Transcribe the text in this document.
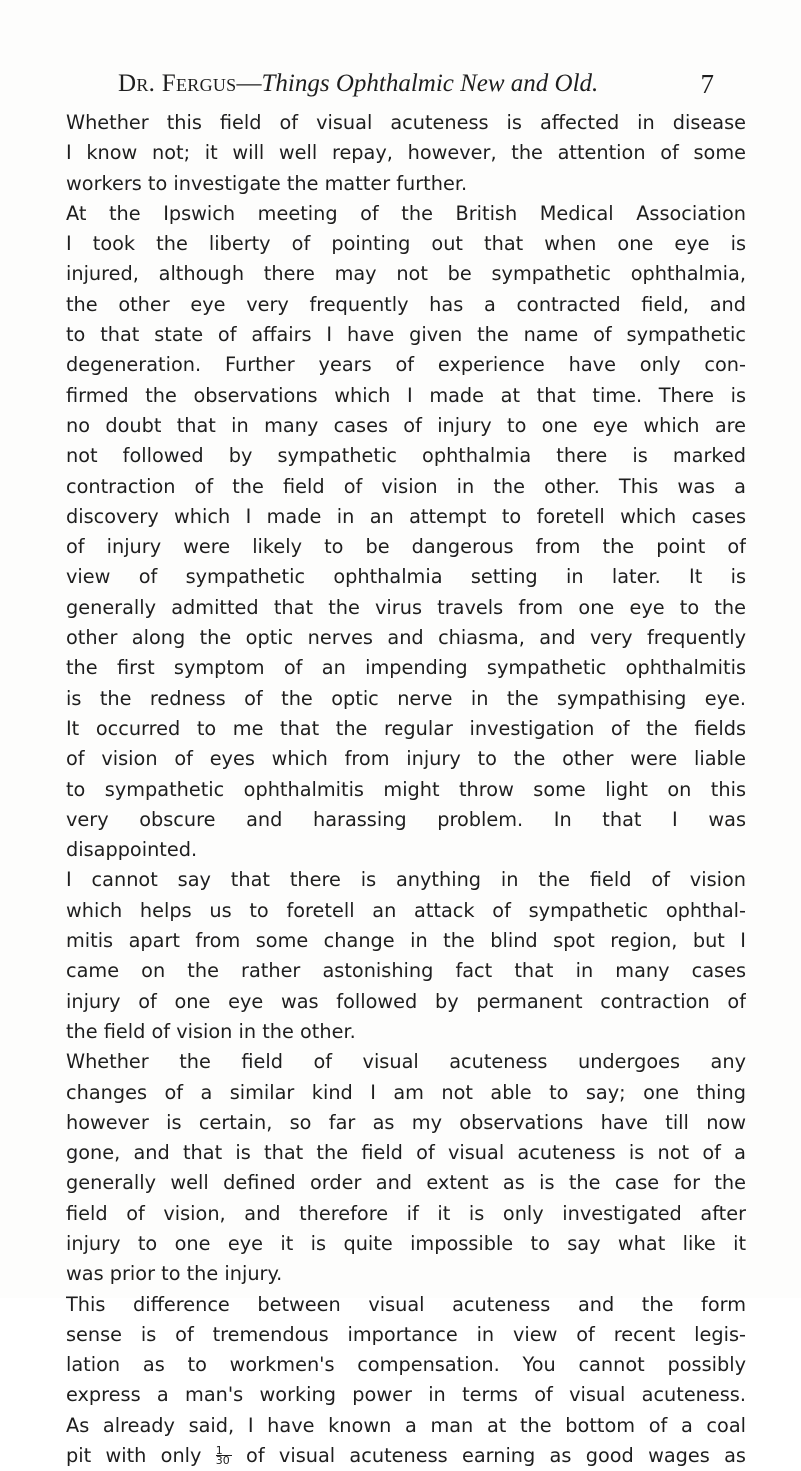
Dr. Fergus—Things Ophthalmic New and Old.	7
Whether this field of visual acuteness is affected in disease
I know not; it will well repay, however, the attention of some
workers to investigate the matter further.
At the Ipswich meeting of the British Medical Association
I took the liberty of pointing out that when one eye is
injured, although there may not be sympathetic ophthalmia,
the other eye very frequently has a contracted field, and
to that state of affairs I have given the name of sympathetic
degeneration. Further years of experience have only con-
firmed the observations which I made at that time. There is
no doubt that in many cases of injury to one eye which are
not followed by sympathetic ophthalmia there is marked
contraction of the field of vision in the other. This was a
discovery which I made in an attempt to foretell which cases
of injury were likely to be dangerous from the point of
view of sympathetic ophthalmia setting in later. It is
generally admitted that the virus travels from one eye to the
other along the optic nerves and chiasma, and very frequently
the first symptom of an impending sympathetic ophthalmitis
is the redness of the optic nerve in the sympathising eye.
It occurred to me that the regular investigation of the fields
of vision of eyes which from injury to the other were liable
to sympathetic ophthalmitis might throw some light on this
very obscure and harassing problem. In that I was
disappointed.
I cannot say that there is anything in the field of vision
which helps us to foretell an attack of sympathetic ophthal-
mitis apart from some change in the blind spot region, but I
came on the rather astonishing fact that in many cases
injury of one eye was followed by permanent contraction of
the field of vision in the other.
Whether the field of visual acuteness undergoes any
changes of a similar kind I am not able to say; one thing
however is certain, so far as my observations have till now
gone, and that is that the field of visual acuteness is not of a
generally well defined order and extent as is the case for the
field of vision, and therefore if it is only investigated after
injury to one eye it is quite impossible to say what like it
was prior to the injury.
This difference between visual acuteness and the form
sense is of tremendous importance in view of recent legis-
lation as to workmen's compensation. You cannot possibly
express a man's working power in terms of visual acuteness.
As already said, I have known a man at the bottom of a coal
pit with only $\frac{1}{30}$ of visual acuteness earning as good wages as
